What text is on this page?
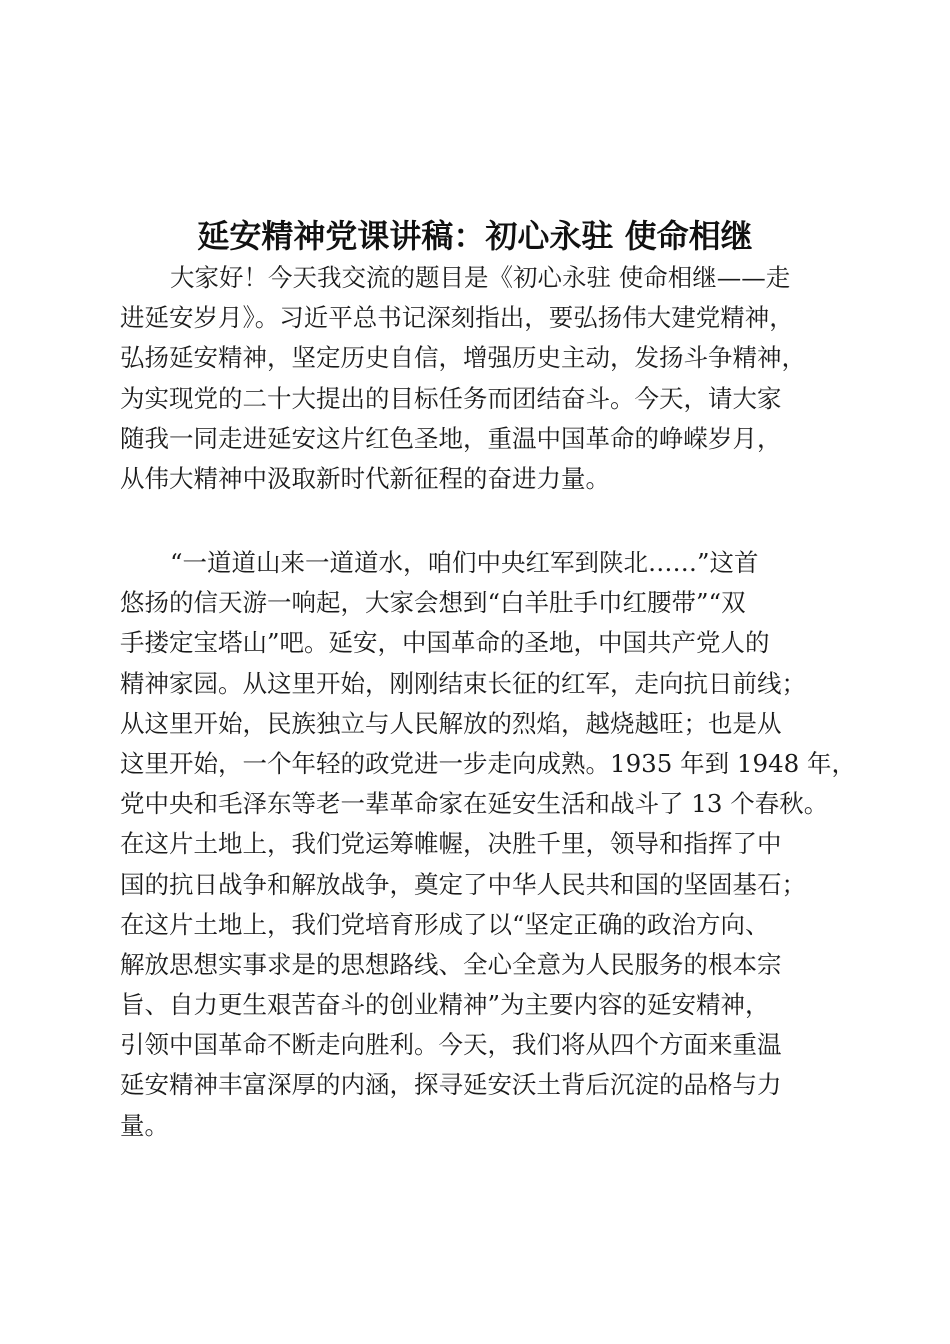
延安精神党课讲稿：初心永驻 使命相继
大家好！今天我交流的题目是《初心永驻 使命相继——走
进延安岁月》。习近平总书记深刻指出，要弘扬伟大建党精神，
弘扬延安精神，坚定历史自信，增强历史主动，发扬斗争精神，
为实现党的二十大提出的目标任务而团结奋斗。今天，请大家
随我一同走进延安这片红色圣地，重温中国革命的峥嵘岁月，
从伟大精神中汲取新时代新征程的奋进力量。
“一道道山来一道道水，咱们中央红军到陕北……”这首
悠扬的信天游一响起，大家会想到“白羊肚手巾红腰带”“双
手搂定宝塔山”吧。延安，中国革命的圣地，中国共产党人的
精神家园。从这里开始，刚刚结束长征的红军，走向抗日前线；
从这里开始，民族独立与人民解放的烈焰，越烧越旺；也是从
这里开始，一个年轻的政党进一步走向成熟。1935 年到 1948 年，
党中央和毛泽东等老一辈革命家在延安生活和战斗了 13 个春秋。
在这片土地上，我们党运筹帷幄，决胜千里，领导和指挥了中
国的抗日战争和解放战争，奠定了中华人民共和国的坚固基石；
在这片土地上，我们党培育形成了以“坚定正确的政治方向、
解放思想实事求是的思想路线、全心全意为人民服务的根本宗
旨、自力更生艰苦奋斗的创业精神”为主要内容的延安精神，
引领中国革命不断走向胜利。今天，我们将从四个方面来重温
延安精神丰富深厚的内涵，探寻延安沃土背后沉淀的品格与力
量。
